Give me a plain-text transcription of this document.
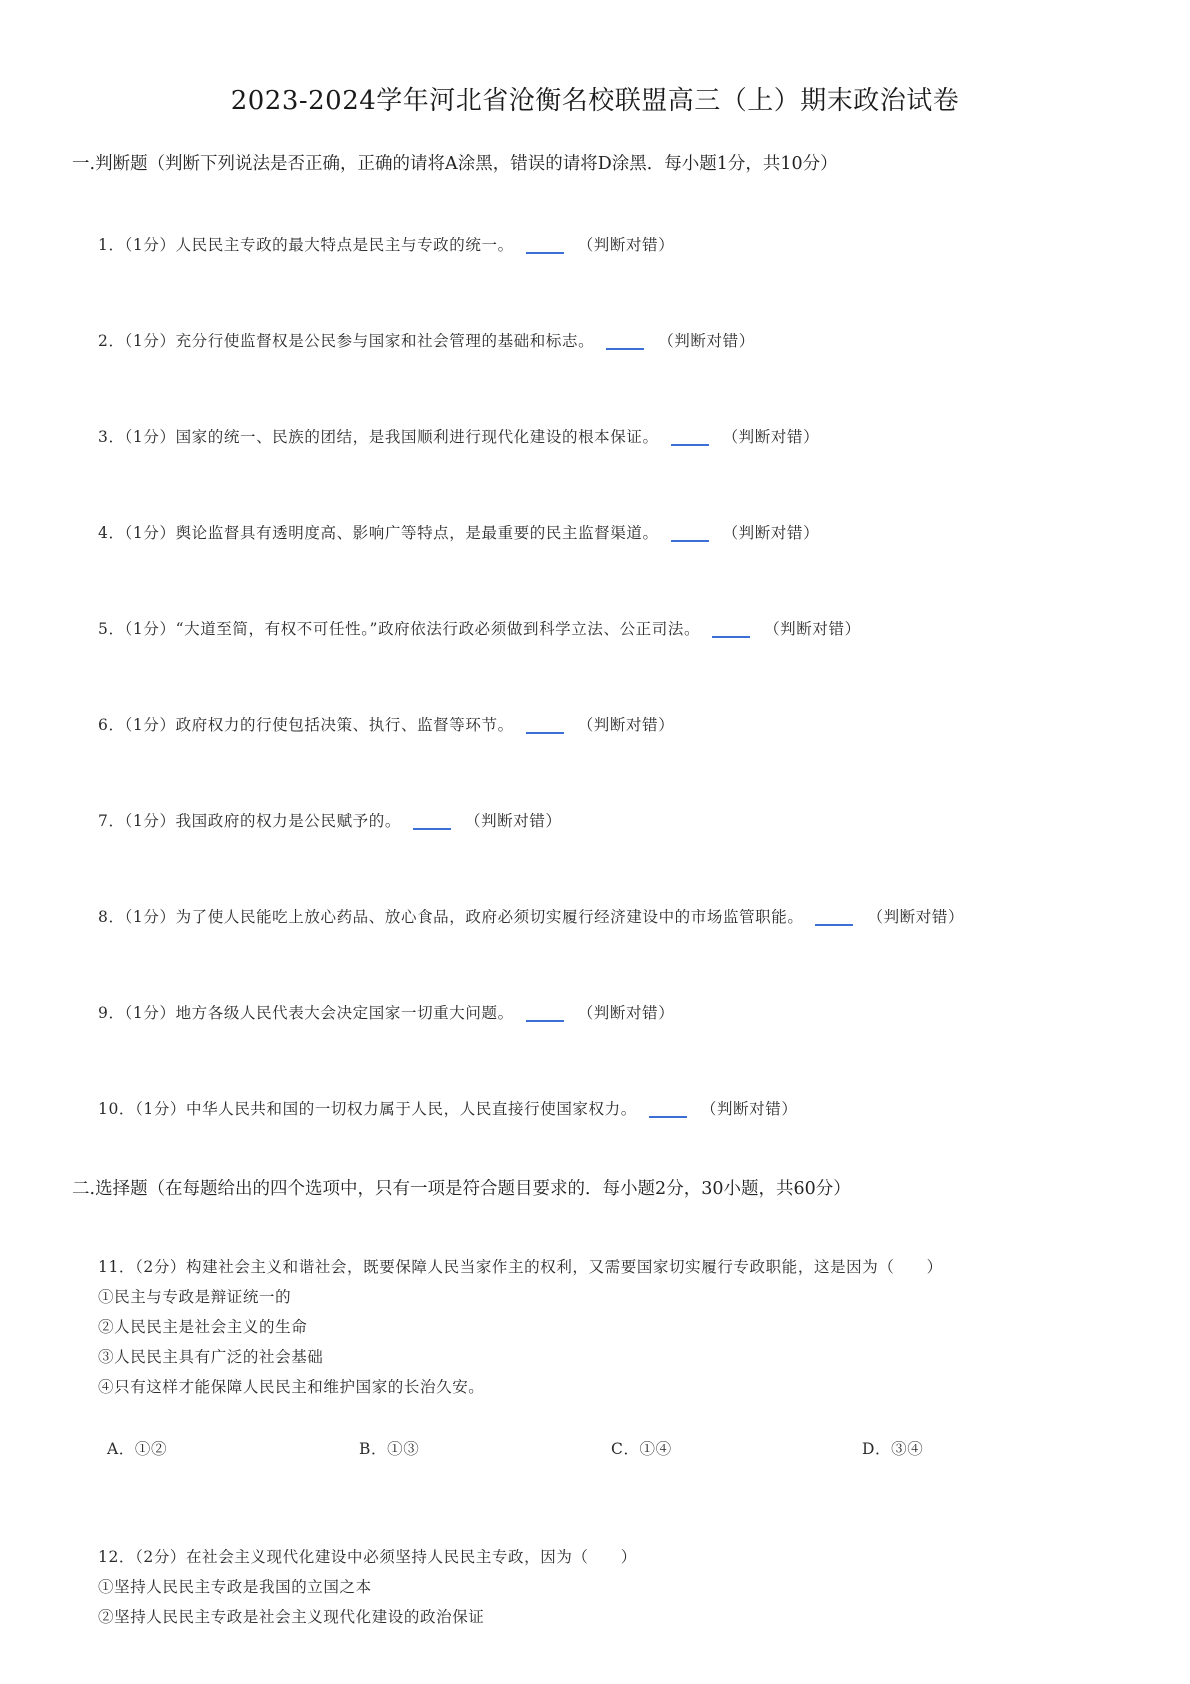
2023-2024学年河北省沧衡名校联盟高三（上）期末政治试卷
一.判断题（判断下列说法是否正确，正确的请将A涂黑，错误的请将D涂黑．每小题1分，共10分）
1．（1分）人民民主专政的最大特点是民主与专政的统一。	（判断对错）
2．（1分）充分行使监督权是公民参与国家和社会管理的基础和标志。	（判断对错）
3．（1分）国家的统一、民族的团结，是我国顺利进行现代化建设的根本保证。	（判断对错）
4．（1分）舆论监督具有透明度高、影响广等特点，是最重要的民主监督渠道。	（判断对错）
5．（1分）“大道至简，有权不可任性。”政府依法行政必须做到科学立法、公正司法。	（判断对错）
6．（1分）政府权力的行使包括决策、执行、监督等环节。	（判断对错）
7．（1分）我国政府的权力是公民赋予的。	（判断对错）
8．（1分）为了使人民能吃上放心药品、放心食品，政府必须切实履行经济建设中的市场监管职能。	（判断对错）
9．（1分）地方各级人民代表大会决定国家一切重大问题。	（判断对错）
10．（1分）中华人民共和国的一切权力属于人民，人民直接行使国家权力。	（判断对错）
二.选择题（在每题给出的四个选项中，只有一项是符合题目要求的．每小题2分，30小题，共60分）
11．（2分）构建社会主义和谐社会，既要保障人民当家作主的权利，又需要国家切实履行专政职能，这是因为（　　）
①民主与专政是辩证统一的
②人民民主是社会主义的生命
③人民民主具有广泛的社会基础
④只有这样才能保障人民民主和维护国家的长治久安。
A．①②	B．①③	C．①④	D．③④
12．（2分）在社会主义现代化建设中必须坚持人民民主专政，因为（　　）
①坚持人民民主专政是我国的立国之本
②坚持人民民主专政是社会主义现代化建设的政治保证
